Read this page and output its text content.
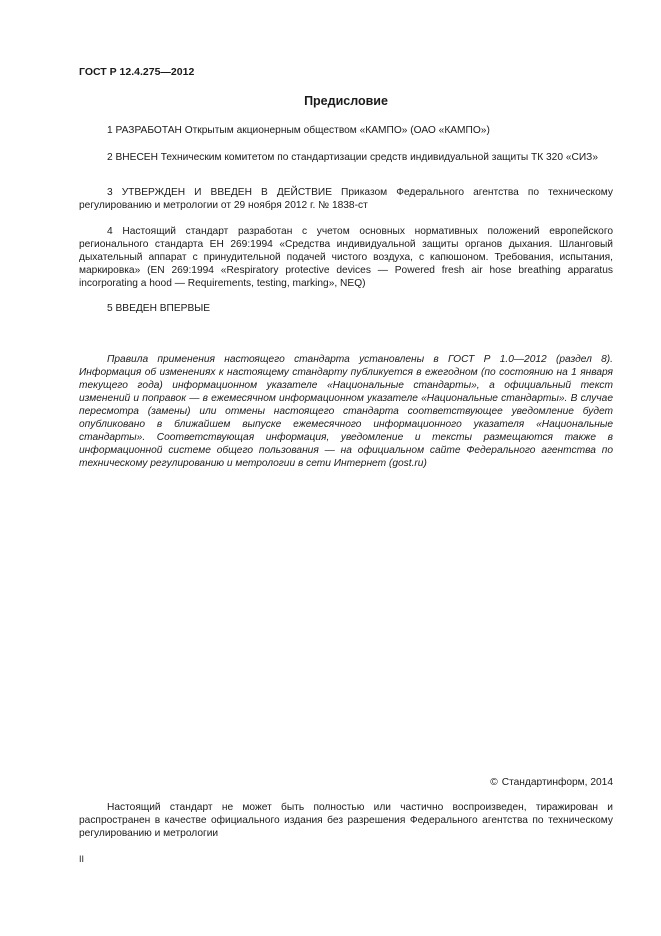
ГОСТ Р 12.4.275—2012
Предисловие

1 РАЗРАБОТАН Открытым акционерным обществом «КАМПО» (ОАО «КАМПО»)

2 ВНЕСЕН Техническим комитетом по стандартизации средств индивидуальной защиты ТК 320 «СИЗ»

3 УТВЕРЖДЕН И ВВЕДЕН В ДЕЙСТВИЕ Приказом Федерального агентства по техническому регулированию и метрологии от 29 ноября 2012 г. № 1838-ст

4 Настоящий стандарт разработан с учетом основных нормативных положений европейского регионального стандарта ЕН 269:1994 «Средства индивидуальной защиты органов дыхания. Шланговый дыхательный аппарат с принудительной подачей чистого воздуха, с капюшоном. Требования, испытания, маркировка» (EN 269:1994 «Respiratory protective devices — Powered fresh air hose breathing apparatus incorporating a hood — Requirements, testing, marking», NEQ)

5 ВВЕДЕН ВПЕРВЫЕ

Правила применения настоящего стандарта установлены в ГОСТ Р 1.0—2012 (раздел 8). Информация об изменениях к настоящему стандарту публикуется в ежегодном (по состоянию на 1 января текущего года) информационном указателе «Национальные стандарты», а официальный текст изменений и поправок — в ежемесячном информационном указателе «Национальные стандарты». В случае пересмотра (замены) или отмены настоящего стандарта соответствующее уведомление будет опубликовано в ближайшем выпуске ежемесячного информационного указателя «Национальные стандарты». Соответствующая информация, уведомление и тексты размещаются также в информационной системе общего пользования — на официальном сайте Федерального агентства по техническому регулированию и метрологии в сети Интернет (gost.ru)

© Стандартинформ, 2014

Настоящий стандарт не может быть полностью или частично воспроизведен, тиражирован и распространен в качестве официального издания без разрешения Федерального агентства по техническому регулированию и метрологии

II
